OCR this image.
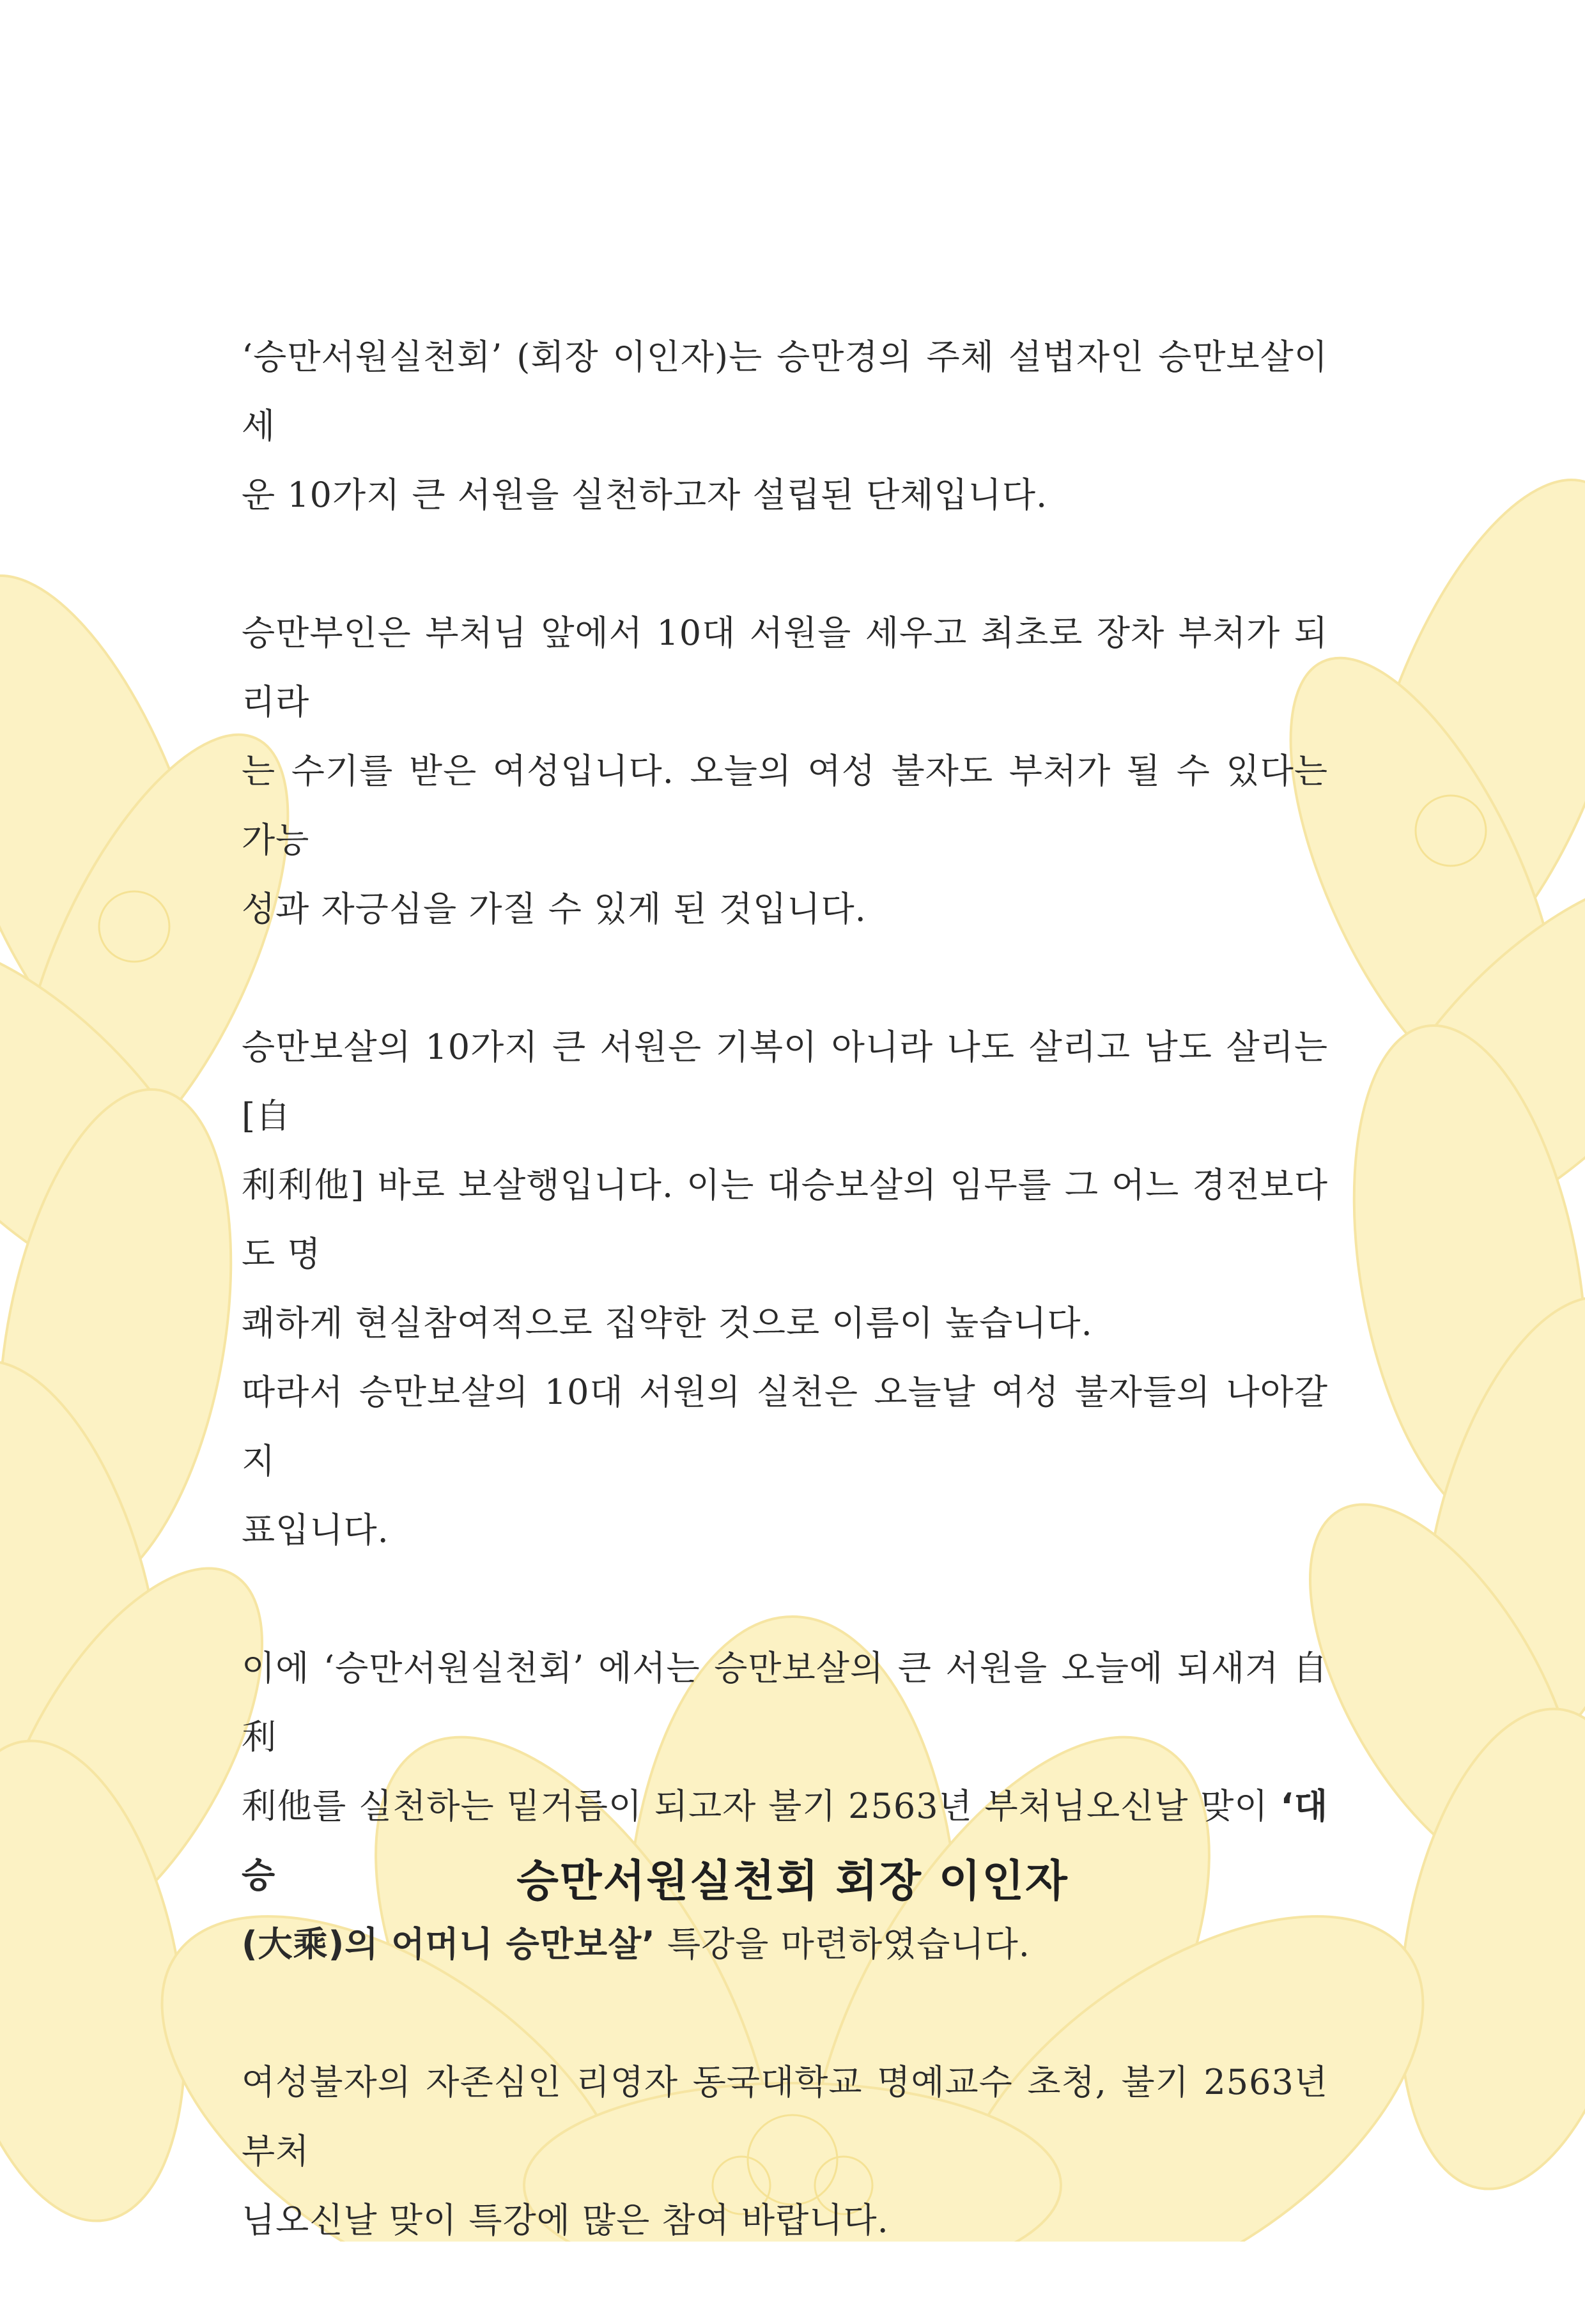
‘승만서원실천회’ (회장 이인자)는 승만경의 주체 설법자인 승만보살이 세
운 10가지 큰 서원을 실천하고자 설립된 단체입니다.

승만부인은 부처님 앞에서 10대 서원을 세우고 최초로 장차 부처가 되리라
는 수기를 받은 여성입니다. 오늘의 여성 불자도 부처가 될 수 있다는 가능
성과 자긍심을 가질 수 있게 된 것입니다.

승만보살의 10가지 큰 서원은 기복이 아니라 나도 살리고 남도 살리는 [自
利利他] 바로 보살행입니다. 이는 대승보살의 임무를 그 어느 경전보다도 명
쾌하게 현실참여적으로 집약한 것으로 이름이 높습니다.

따라서 승만보살의 10대 서원의 실천은 오늘날 여성 불자들의 나아갈 지
표입니다.

이에 ‘승만서원실천회’ 에서는 승만보살의 큰 서원을 오늘에 되새겨 自利
利他를 실천하는 밑거름이 되고자 불기 2563년 부처님오신날 맞이 ‘대승
(大乘)의 어머니 승만보살’ 특강을 마련하였습니다.

여성불자의 자존심인 리영자 동국대학교 명예교수 초청, 불기 2563년 부처
님오신날 맞이 특강에 많은 참여 바랍니다.

승만서원실천회 회장 이인자
